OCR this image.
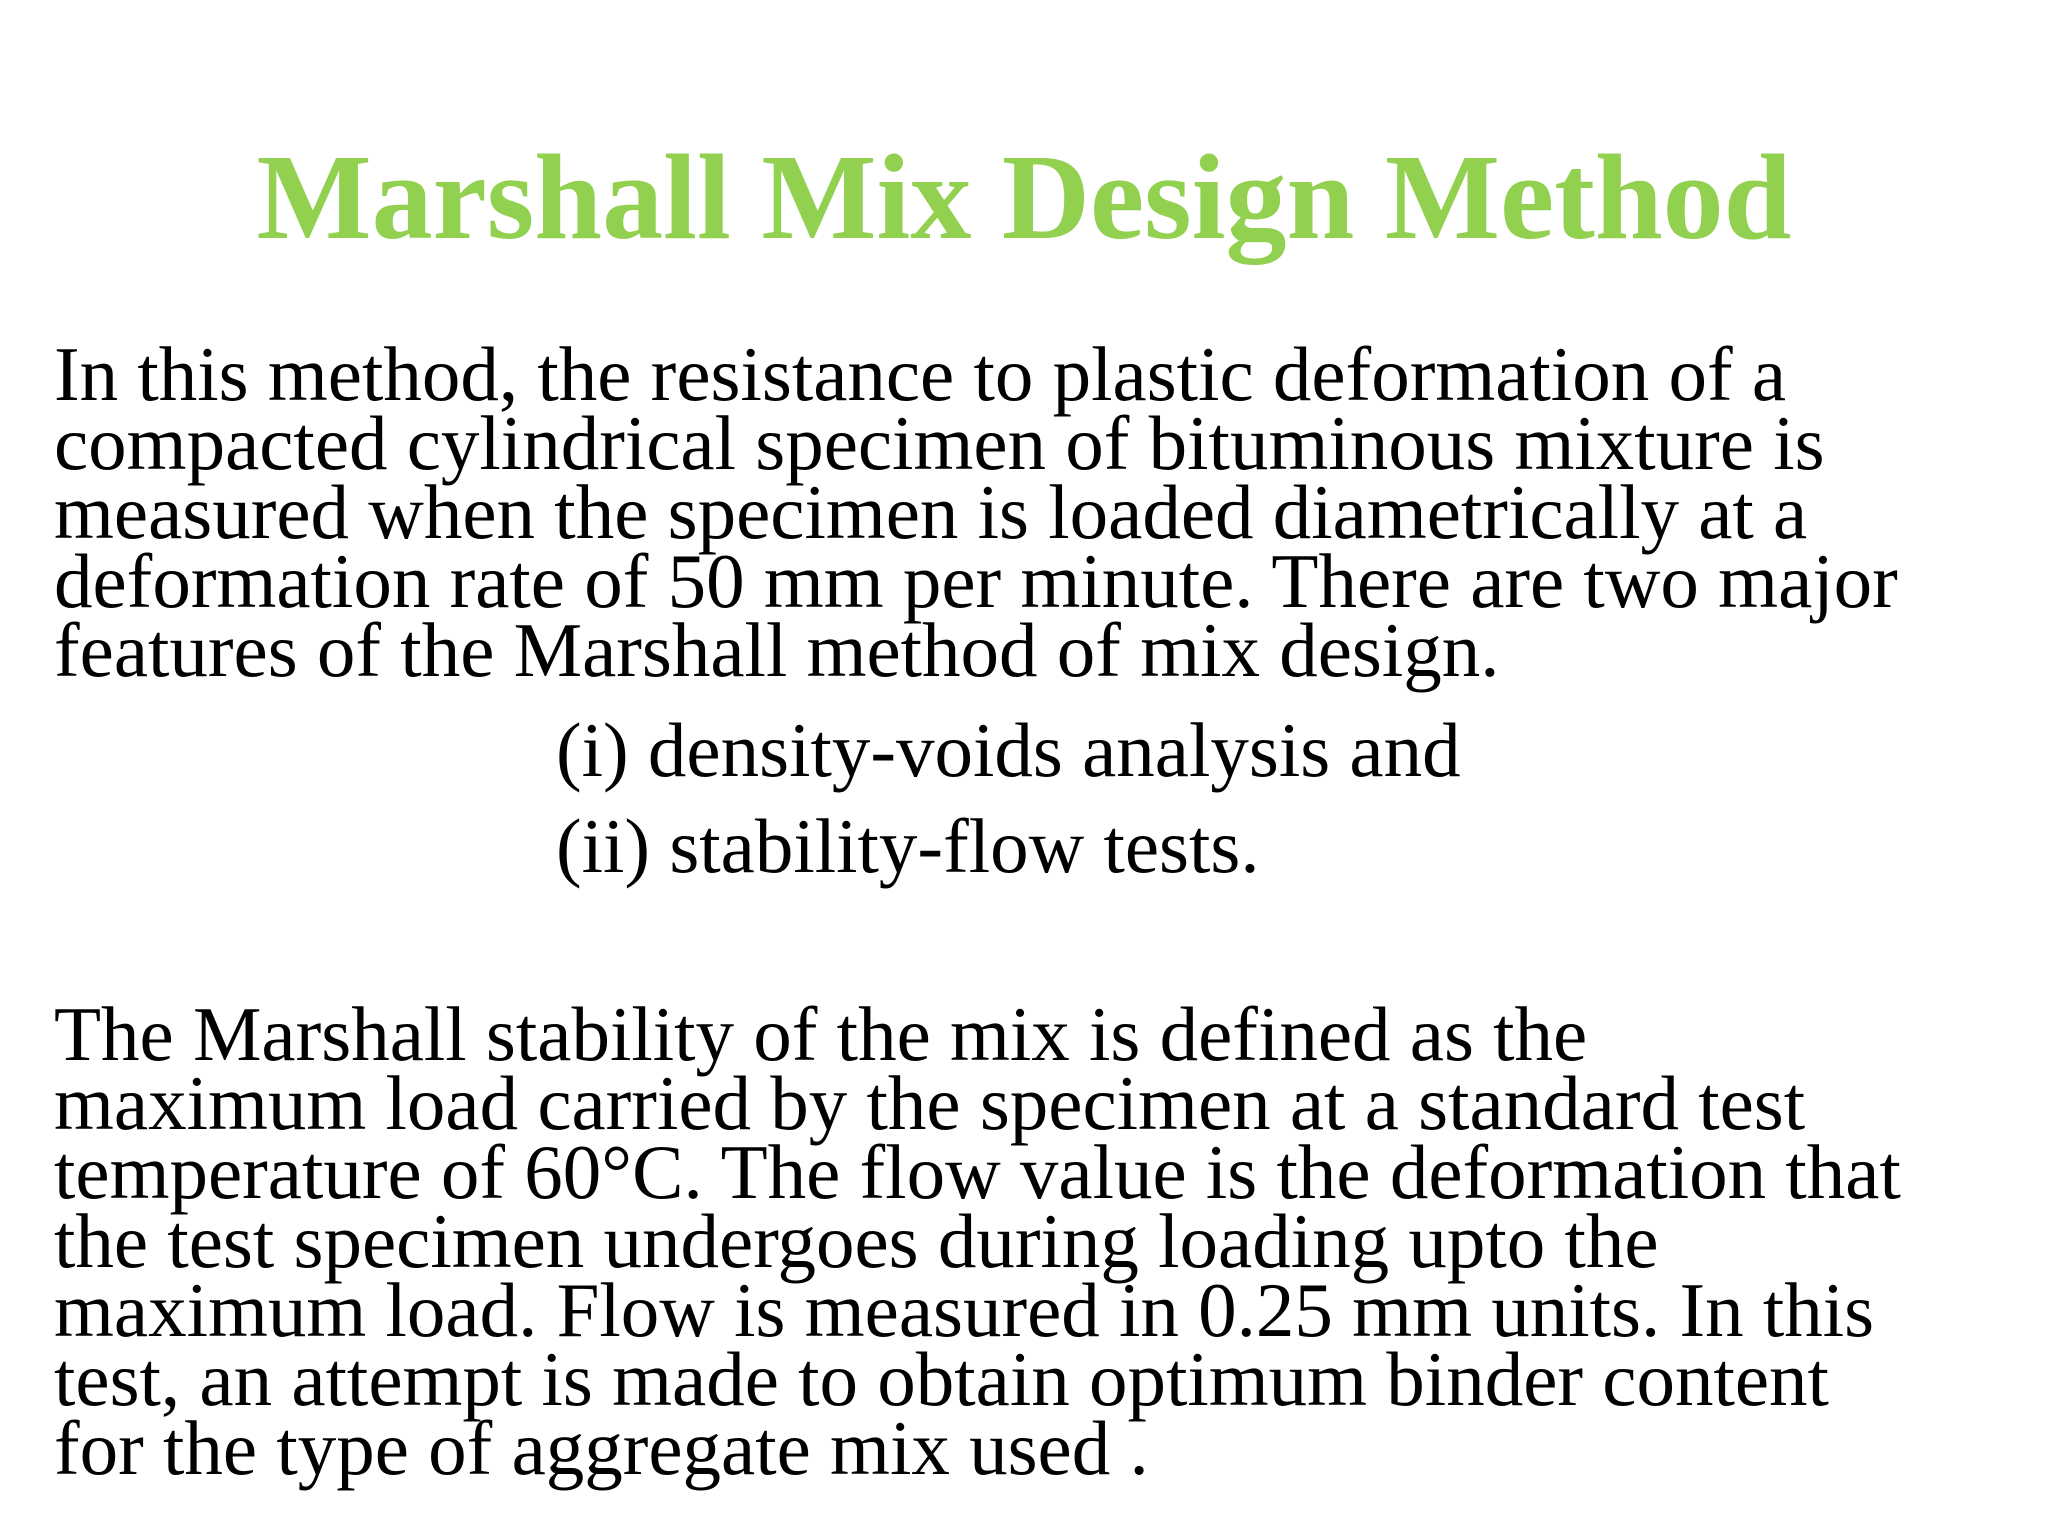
Marshall Mix Design Method

In this method, the resistance to plastic deformation of a
compacted cylindrical specimen of bituminous mixture is
measured when the specimen is loaded diametrically at a
deformation rate of 50 mm per minute. There are two major
features of the Marshall method of mix design.

(i) density-voids analysis and
(ii) stability-flow tests.

The Marshall stability of the mix is defined as the
maximum load carried by the specimen at a standard test
temperature of 60°C. The flow value is the deformation that
the test specimen undergoes during loading upto the
maximum load. Flow is measured in 0.25 mm units. In this
test, an attempt is made to obtain optimum binder content
for the type of aggregate mix used .
